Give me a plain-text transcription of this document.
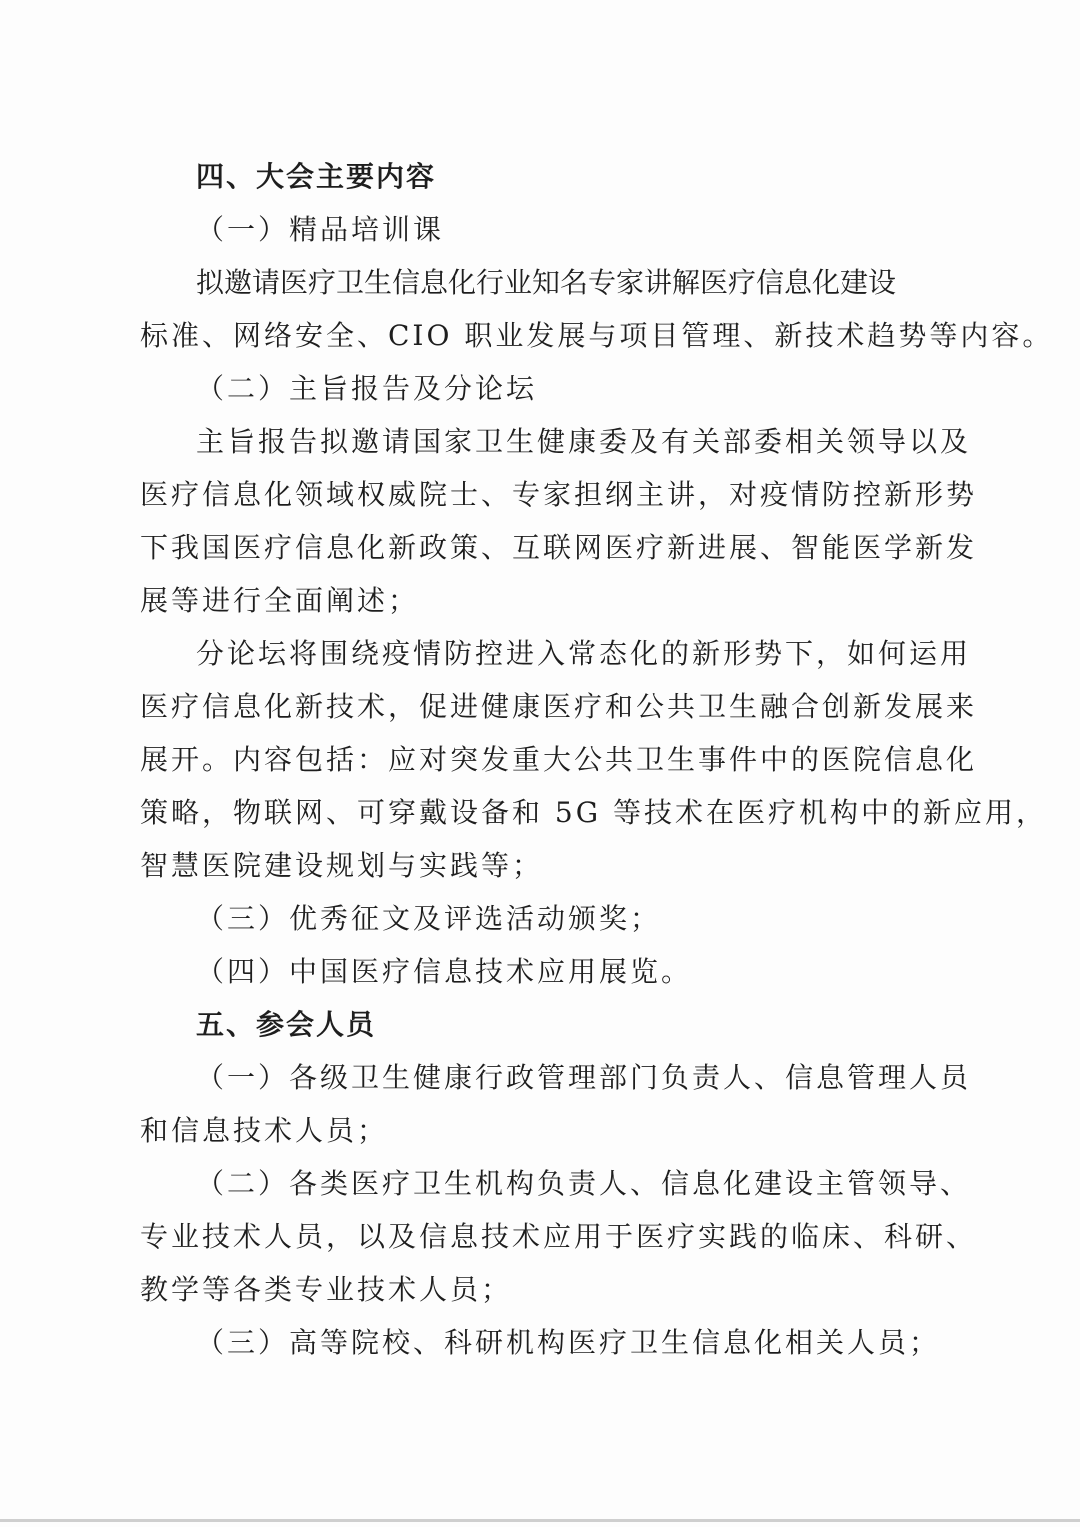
四、大会主要内容
（一）精品培训课
拟邀请医疗卫生信息化行业知名专家讲解医疗信息化建设
标准、网络安全、CIO 职业发展与项目管理、新技术趋势等内容。
（二）主旨报告及分论坛
主旨报告拟邀请国家卫生健康委及有关部委相关领导以及
医疗信息化领域权威院士、专家担纲主讲，对疫情防控新形势
下我国医疗信息化新政策、互联网医疗新进展、智能医学新发
展等进行全面阐述；
分论坛将围绕疫情防控进入常态化的新形势下，如何运用
医疗信息化新技术，促进健康医疗和公共卫生融合创新发展来
展开。内容包括：应对突发重大公共卫生事件中的医院信息化
策略，物联网、可穿戴设备和 5G 等技术在医疗机构中的新应用，
智慧医院建设规划与实践等；
（三）优秀征文及评选活动颁奖；
（四）中国医疗信息技术应用展览。
五、参会人员
（一）各级卫生健康行政管理部门负责人、信息管理人员
和信息技术人员；
（二）各类医疗卫生机构负责人、信息化建设主管领导、
专业技术人员，以及信息技术应用于医疗实践的临床、科研、
教学等各类专业技术人员；
（三）高等院校、科研机构医疗卫生信息化相关人员；
